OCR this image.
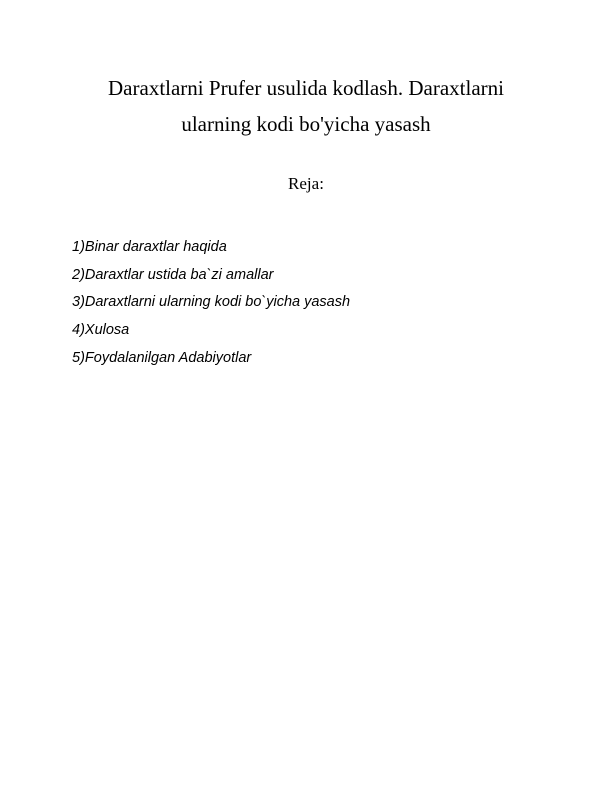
Daraxtlarni Prufer usulida kodlash. Daraxtlarni
ularning kodi bo'yicha yasash

Reja:

1)Binar daraxtlar haqida
2)Daraxtlar ustida ba`zi amallar
3)Daraxtlarni ularning kodi bo`yicha yasash
4)Xulosa
5)Foydalanilgan Adabiyotlar
